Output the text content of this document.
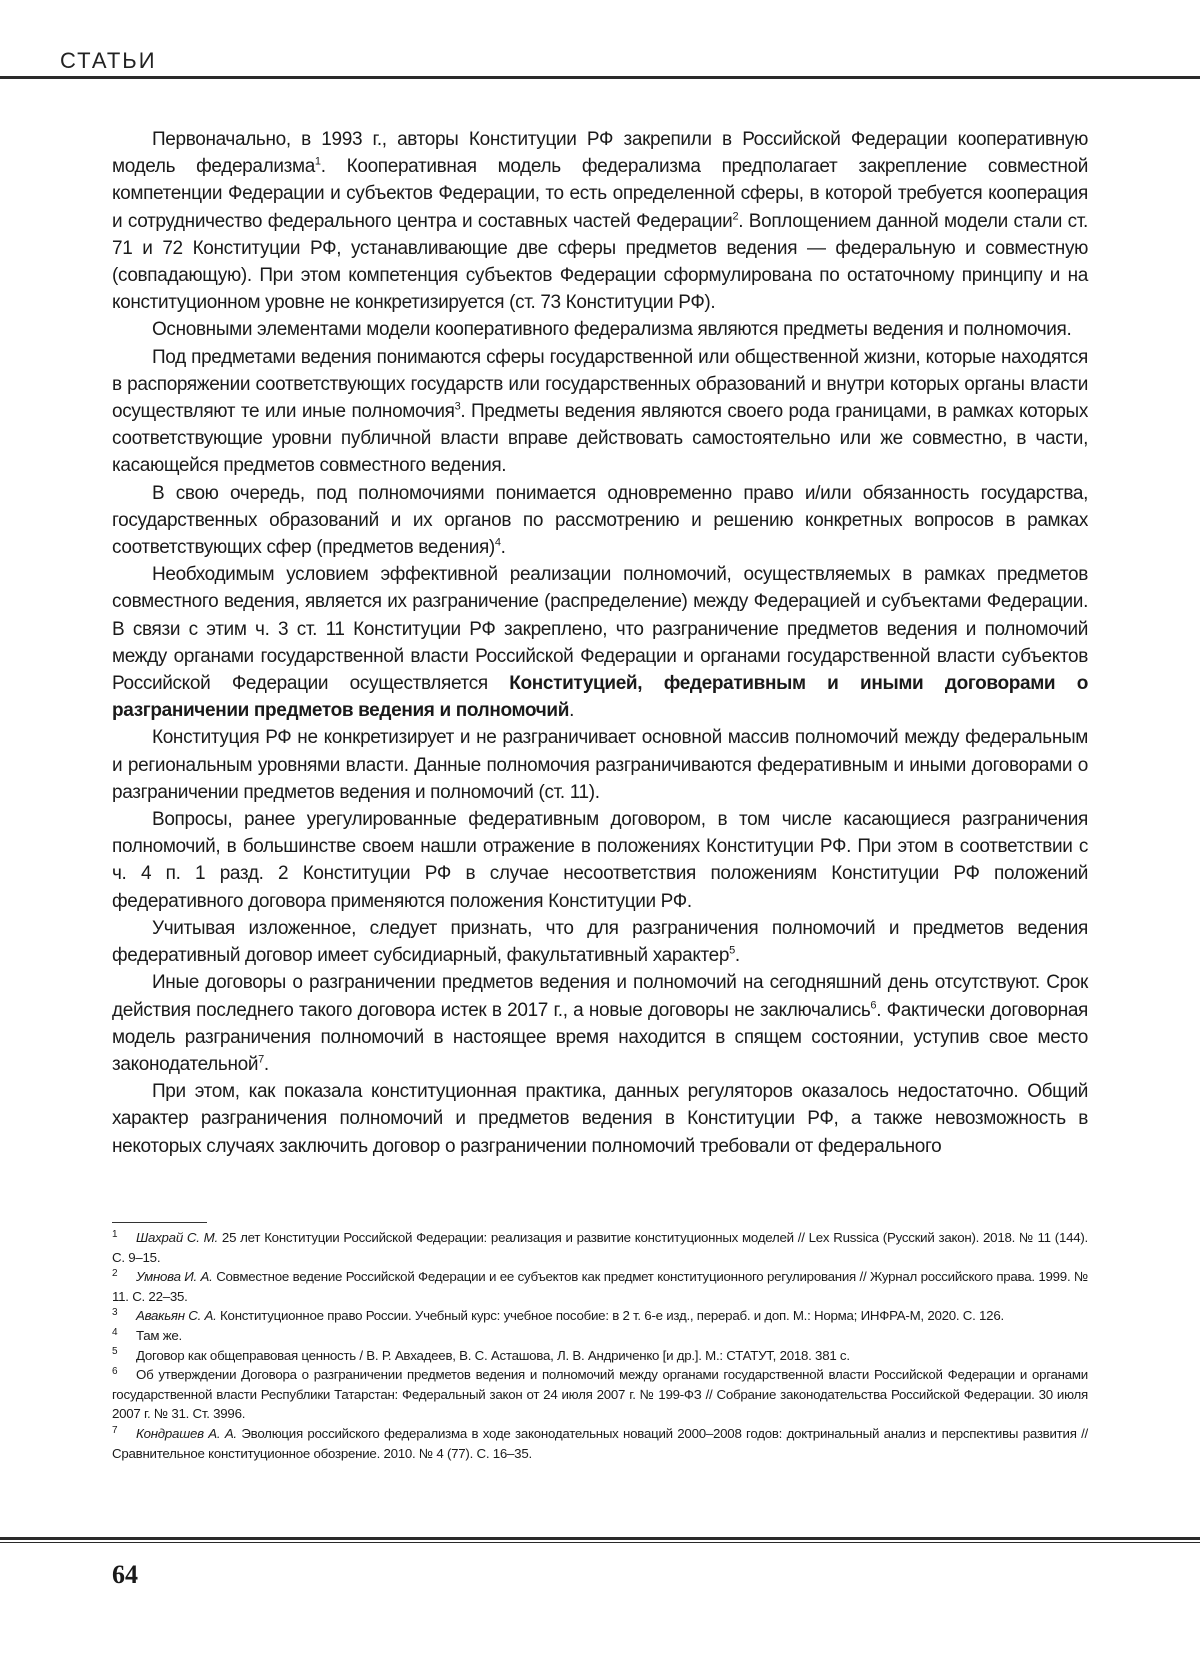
СТАТЬИ

Первоначально, в 1993 г., авторы Конституции РФ закрепили в Российской Федерации кооперативную модель федерализма1. Кооперативная модель федерализма предполагает закрепление совместной компетенции Федерации и субъектов Федерации, то есть определенной сферы, в которой требуется кооперация и сотрудничество федерального центра и составных частей Федерации2. Воплощением данной модели стали ст. 71 и 72 Конституции РФ, устанавливающие две сферы предметов ведения — федеральную и совместную (совпадающую). При этом компетенция субъектов Федерации сформулирована по остаточному принципу и на конституционном уровне не конкретизируется (ст. 73 Конституции РФ).

Основными элементами модели кооперативного федерализма являются предметы ведения и полномочия.

Под предметами ведения понимаются сферы государственной или общественной жизни, которые находятся в распоряжении соответствующих государств или государственных образований и внутри которых органы власти осуществляют те или иные полномочия3. Предметы ведения являются своего рода границами, в рамках которых соответствующие уровни публичной власти вправе действовать самостоятельно или же совместно, в части, касающейся предметов совместного ведения.

В свою очередь, под полномочиями понимается одновременно право и/или обязанность государства, государственных образований и их органов по рассмотрению и решению конкретных вопросов в рамках соответствующих сфер (предметов ведения)4.

Необходимым условием эффективной реализации полномочий, осуществляемых в рамках предметов совместного ведения, является их разграничение (распределение) между Федерацией и субъектами Федерации. В связи с этим ч. 3 ст. 11 Конституции РФ закреплено, что разграничение предметов ведения и полномочий между органами государственной власти Российской Федерации и органами государственной власти субъектов Российской Федерации осуществляется Конституцией, федеративным и иными договорами о разграничении предметов ведения и полномочий.

Конституция РФ не конкретизирует и не разграничивает основной массив полномочий между федеральным и региональным уровнями власти. Данные полномочия разграничиваются федеративным и иными договорами о разграничении предметов ведения и полномочий (ст. 11).

Вопросы, ранее урегулированные федеративным договором, в том числе касающиеся разграничения полномочий, в большинстве своем нашли отражение в положениях Конституции РФ. При этом в соответствии с ч. 4 п. 1 разд. 2 Конституции РФ в случае несоответствия положениям Конституции РФ положений федеративного договора применяются положения Конституции РФ.

Учитывая изложенное, следует признать, что для разграничения полномочий и предметов ведения федеративный договор имеет субсидиарный, факультативный характер5.

Иные договоры о разграничении предметов ведения и полномочий на сегодняшний день отсутствуют. Срок действия последнего такого договора истек в 2017 г., а новые договоры не заключались6. Фактически договорная модель разграничения полномочий в настоящее время находится в спящем состоянии, уступив свое место законодательной7.

При этом, как показала конституционная практика, данных регуляторов оказалось недостаточно. Общий характер разграничения полномочий и предметов ведения в Конституции РФ, а также невозможность в некоторых случаях заключить договор о разграничении полномочий требовали от федерального

1 Шахрай С. М. 25 лет Конституции Российской Федерации: реализация и развитие конституционных моделей // Lex Russica (Русский закон). 2018. № 11 (144). С. 9–15.
2 Умнова И. А. Совместное ведение Российской Федерации и ее субъектов как предмет конституционного регулирования // Журнал российского права. 1999. № 11. С. 22–35.
3 Авакьян С. А. Конституционное право России. Учебный курс: учебное пособие: в 2 т. 6-е изд., перераб. и доп. М.: Норма; ИНФРА-М, 2020. С. 126.
4 Там же.
5 Договор как общеправовая ценность / В. Р. Авхадеев, В. С. Асташова, Л. В. Андриченко [и др.]. М.: СТАТУТ, 2018. 381 с.
6 Об утверждении Договора о разграничении предметов ведения и полномочий между органами государственной власти Российской Федерации и органами государственной власти Республики Татарстан: Федеральный закон от 24 июля 2007 г. № 199-ФЗ // Собрание законодательства Российской Федерации. 30 июля 2007 г. № 31. Ст. 3996.
7 Кондрашев А. А. Эволюция российского федерализма в ходе законодательных новаций 2000–2008 годов: доктринальный анализ и перспективы развития // Сравнительное конституционное обозрение. 2010. № 4 (77). С. 16–35.
64
